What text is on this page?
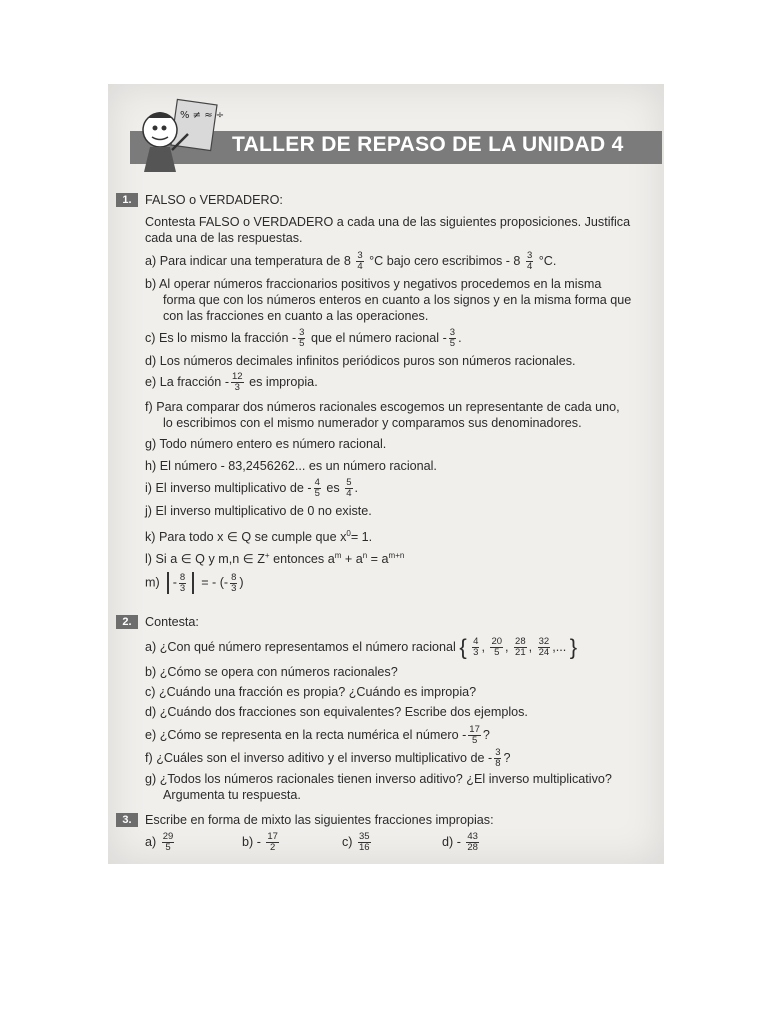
% ≠ ≈ ÷
TALLER DE REPASO DE LA UNIDAD 4
1.	FALSO o VERDADERO:
Contesta FALSO o VERDADERO a cada una de las siguientes proposiciones. Justifica
cada una de las respuestas.
a) Para indicar una temperatura de $8 \frac{3}{4} ^\circ C$ bajo cero escribimos - $8 \frac{3}{4} ^\circ C$.
b) Al operar números fraccionarios positivos y negativos procedemos en la misma
forma que con los números enteros en cuanto a los signos y en la misma forma que
con las fracciones en cuanto a las operaciones.
c) Es lo mismo la fracción - $\frac{3}{5}$ que el número racional - $\frac{3}{5}$ .
d) Los números decimales infinitos periódicos puros son números racionales.
e) La fracción - $\frac{12}{3}$ es impropia.
f) Para comparar dos números racionales escogemos un representante de cada uno,
lo escribimos con el mismo numerador y comparamos sus denominadores.
g) Todo número entero es número racional.
h) El número - 83,2456262... es un número racional.
i) El inverso multiplicativo de - $\frac{4}{5}$ es $\frac{5}{4}$ .
j) El inverso multiplicativo de 0 no existe.
k) Para todo x ∈ Q se cumple que $x^0= 1$.
l) Si a ∈ Q y m,n ∈ Z+ entonces $a^m + a^n = a^{m+n}$
$m) - \frac{8}{3}$ = - (- $\frac{8}{3}$ )
2.	Contesta:
a) ¿Con qué número representamos el número racional { $\frac{4}{3}$ , $\frac{20}{5}$ , $\frac{28}{21}$ , $\frac{32}{24}$ ,... }
b) ¿Cómo se opera con números racionales?
c) ¿Cuándo una fracción es propia? ¿Cuándo es impropia?
d) ¿Cuándo dos fracciones son equivalentes? Escribe dos ejemplos.
e) ¿Cómo se representa en la recta numérica el número - $\frac{17}{5}$ ?
f) ¿Cuáles son el inverso aditivo y el inverso multiplicativo de - $\frac{3}{8}$ ?
g) ¿Todos los números racionales tienen inverso aditivo? ¿El inverso multiplicativo?
Argumenta tu respuesta.
3.	Escribe en forma de mixto las siguientes fracciones impropias:
$a) \frac{29}{5}$	$b) - \frac{17}{2}$	$c) \frac{35}{16}$	$d) - \frac{43}{28}$
